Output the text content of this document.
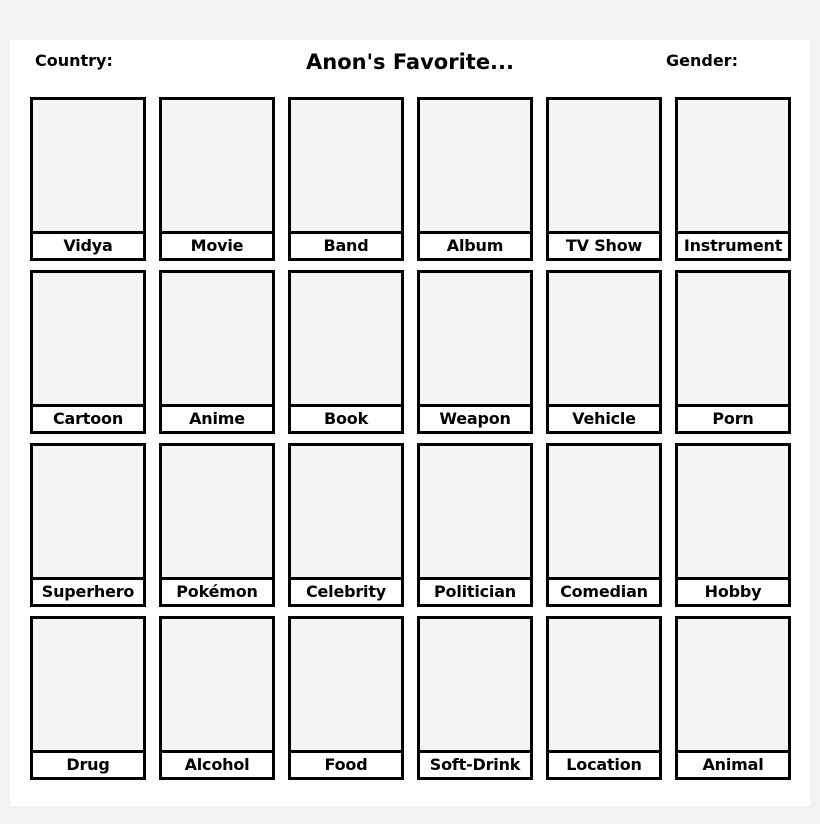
Country:	Anon's Favorite...	Gender:
Vidya	Movie	Band	Album	TV Show	Instrument
Cartoon	Anime	Book	Weapon	Vehicle	Porn
Superhero	Pokémon	Celebrity	Politician	Comedian	Hobby
Drug	Alcohol	Food	Soft-Drink	Location	Animal
